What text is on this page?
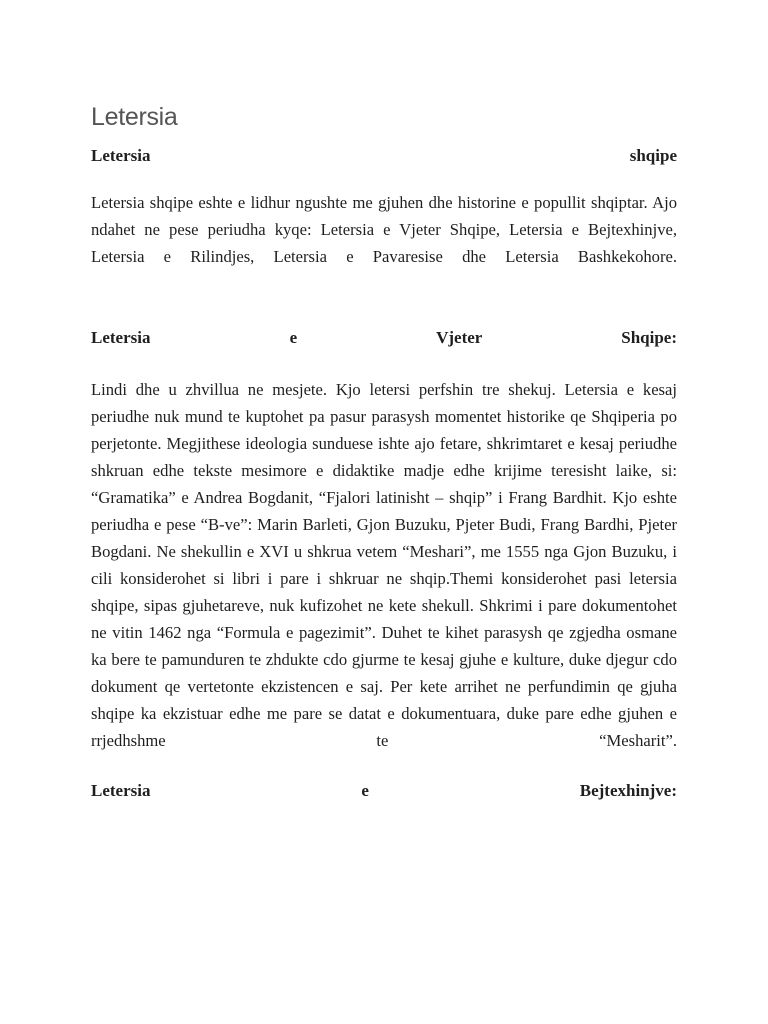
Letersia

Letersia shqipe

Letersia shqipe eshte e lidhur ngushte me gjuhen dhe historine e popullit shqiptar. Ajo ndahet ne pese periudha kyqe: Letersia e Vjeter Shqipe, Letersia e Bejtexhinjve, Letersia e Rilindjes, Letersia e Pavaresise dhe Letersia Bashkekohore.

Letersia e Vjeter Shqipe:

Lindi dhe u zhvillua ne mesjete. Kjo letersi perfshin tre shekuj. Letersia e kesaj periudhe nuk mund te kuptohet pa pasur parasysh momentet historike qe Shqiperia po perjetonte. Megjithese ideologia sunduese ishte ajo fetare, shkrimtaret e kesaj periudhe shkruan edhe tekste mesimore e didaktike madje edhe krijime teresisht laike, si: “Gramatika” e Andrea Bogdanit, “Fjalori latinisht – shqip” i Frang Bardhit. Kjo eshte periudha e pese “B-ve”: Marin Barleti, Gjon Buzuku, Pjeter Budi, Frang Bardhi, Pjeter Bogdani. Ne shekullin e XVI u shkrua vetem “Meshari”, me 1555 nga Gjon Buzuku, i cili konsiderohet si libri i pare i shkruar ne shqip.Themi konsiderohet pasi letersia shqipe, sipas gjuhetareve, nuk kufizohet ne kete shekull. Shkrimi i pare dokumentohet ne vitin 1462 nga “Formula e pagezimit”. Duhet te kihet parasysh qe zgjedha osmane ka bere te pamunduren te zhdukte cdo gjurme te kesaj gjuhe e kulture, duke djegur cdo dokument qe vertetonte ekzistencen e saj. Per kete arrihet ne perfundimin qe gjuha shqipe ka ekzistuar edhe me pare se datat e dokumentuara, duke pare edhe gjuhen e rrjedhshme te “Mesharit”.

Letersia e Bejtexhinjve:
